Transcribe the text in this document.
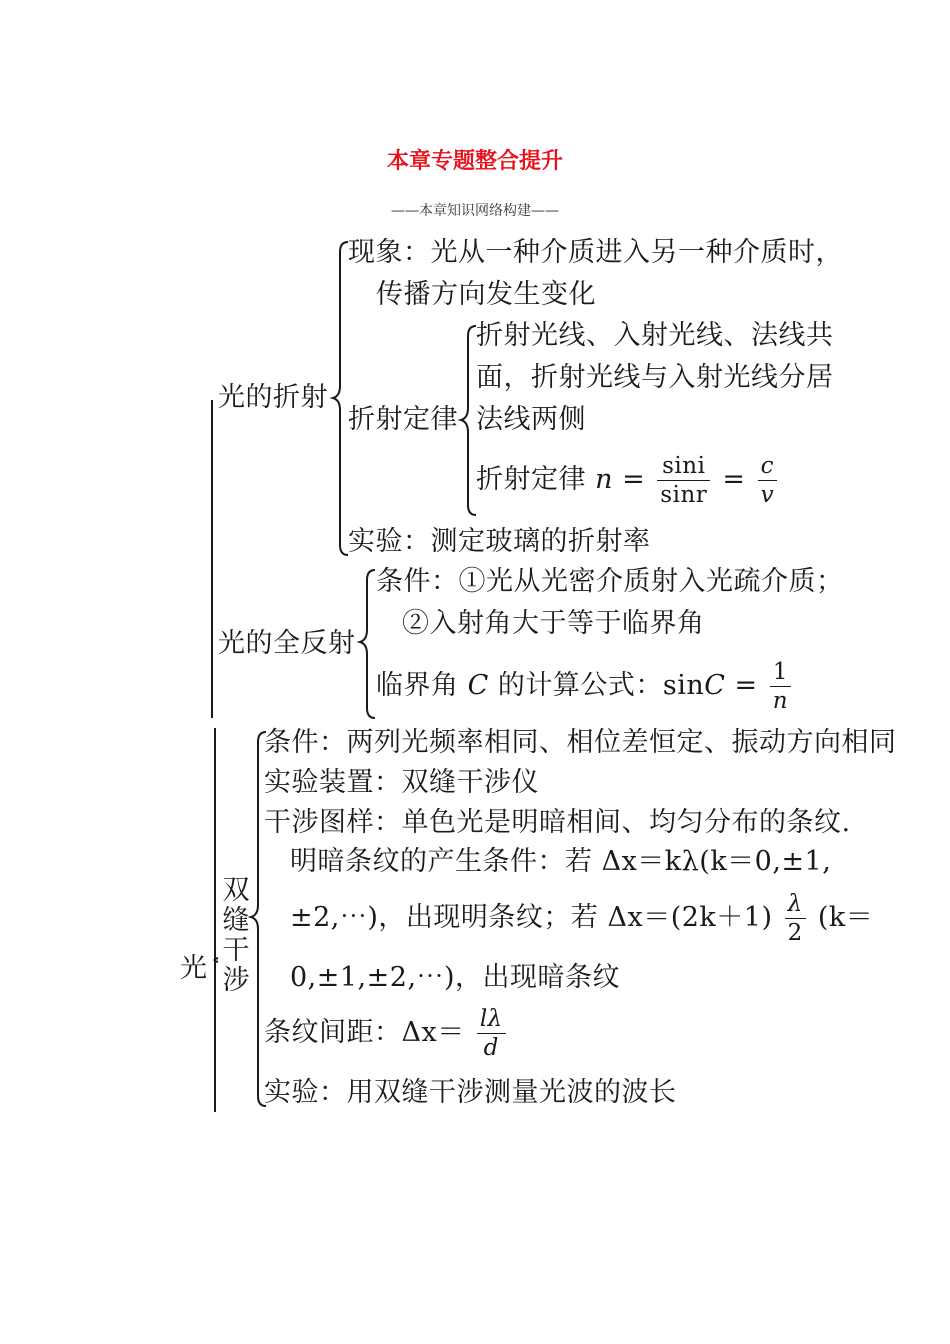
本章专题整合提升
——本章知识网络构建——
光
光的折射
现象：光从一种介质进入另一种介质时，
传播方向发生变化
折射定律
折射光线、入射光线、法线共
面，折射光线与入射光线分居
法线两侧
折射定律 $n = \frac{\sin i}{\sin r} = \frac{c}{v}$
实验：测定玻璃的折射率
光的全反射
条件：①光从光密介质射入光疏介质；
②入射角大于等于临界角
临界角 C 的计算公式：$\sin C = \frac{1}{n}$
双
缝
干
涉
条件：两列光频率相同、相位差恒定、振动方向相同
实验装置：双缝干涉仪
干涉图样：单色光是明暗相间、均匀分布的条纹.
明暗条纹的产生条件：若 Δx＝kλ(k＝0,±1,
±2,⋯)，出现明条纹；若 $\Delta x=(2k+1) \frac{\lambda}{2} (k=$
0,±1,±2,⋯)，出现暗条纹
条纹间距：$\Delta x= \frac{l\lambda}{d}$
实验：用双缝干涉测量光波的波长
